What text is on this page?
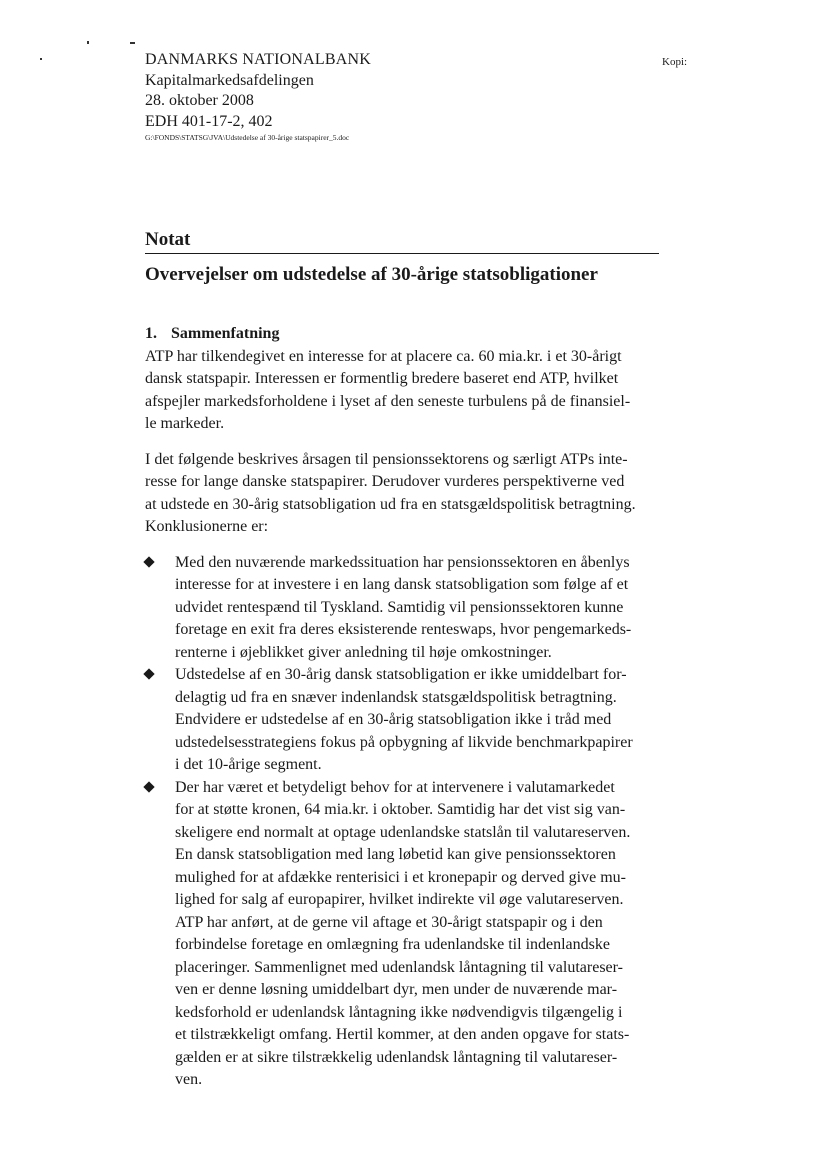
DANMARKS NATIONALBANK
Kapitalmarkedsafdelingen
28. oktober 2008
EDH 401-17-2, 402
G:\FONDS\STATSG\JVA\Udstedelse af 30-årige statspapirer_5.doc
Kopi:
Notat
Overvejelser om udstedelse af 30-årige statsobligationer
1. Sammenfatning

ATP har tilkendegivet en interesse for at placere ca. 60 mia.kr. i et 30-årigt
dansk statspapir. Interessen er formentlig bredere baseret end ATP, hvilket
afspejler markedsforholdene i lyset af den seneste turbulens på de finansiel-
le markeder.

I det følgende beskrives årsagen til pensionssektorens og særligt ATPs inte-
resse for lange danske statspapirer. Derudover vurderes perspektiverne ved
at udstede en 30-årig statsobligation ud fra en statsgældspolitisk betragtning.
Konklusionerne er:

Med den nuværende markedssituation har pensionssektoren en åbenlys
interesse for at investere i en lang dansk statsobligation som følge af et
udvidet rentespænd til Tyskland. Samtidig vil pensionssektoren kunne
foretage en exit fra deres eksisterende renteswaps, hvor pengemarkeds-
renterne i øjeblikket giver anledning til høje omkostninger.
Udstedelse af en 30-årig dansk statsobligation er ikke umiddelbart for-
delagtig ud fra en snæver indenlandsk statsgældspolitisk betragtning.
Endvidere er udstedelse af en 30-årig statsobligation ikke i tråd med
udstedelsesstrategiens fokus på opbygning af likvide benchmarkpapirer
i det 10-årige segment.
Der har været et betydeligt behov for at intervenere i valutamarkedet
for at støtte kronen, 64 mia.kr. i oktober. Samtidig har det vist sig van-
skeligere end normalt at optage udenlandske statslån til valutareserven.
En dansk statsobligation med lang løbetid kan give pensionssektoren
mulighed for at afdække renterisici i et kronepapir og derved give mu-
lighed for salg af europapirer, hvilket indirekte vil øge valutareserven.
ATP har anført, at de gerne vil aftage et 30-årigt statspapir og i den
forbindelse foretage en omlægning fra udenlandske til indenlandske
placeringer. Sammenlignet med udenlandsk låntagning til valutareser-
ven er denne løsning umiddelbart dyr, men under de nuværende mar-
kedsforhold er udenlandsk låntagning ikke nødvendigvis tilgængelig i
et tilstrækkeligt omfang. Hertil kommer, at den anden opgave for stats-
gælden er at sikre tilstrækkelig udenlandsk låntagning til valutareser-
ven.
